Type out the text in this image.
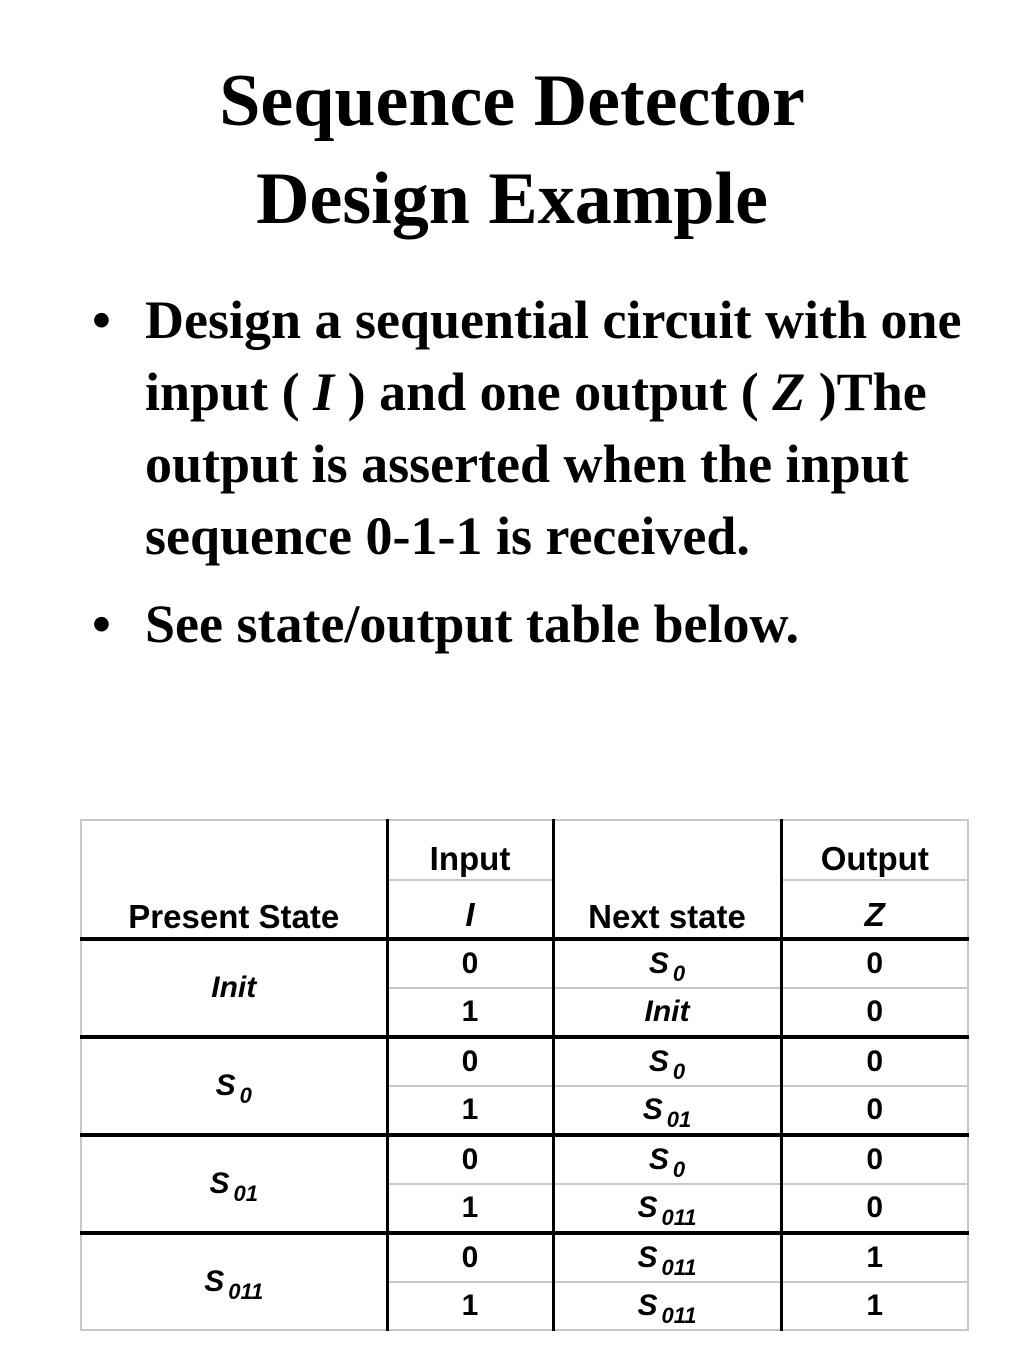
Sequence Detector
Design Example
• Design a sequential circuit with one input ( I ) and one output ( Z )The output is asserted when the input sequence 0-1-1 is received.
• See state/output table below.
Present State	Input	Next state	Output
	I		Z
Init	0	S $_0$	0
	1	Init	0
S $_0$	0	S $_0$	0
	1	S $_{01}$	0
S $_{01}$	0	S $_0$	0
	1	S $_{011}$	0
S $_{011}$	0	S $_{011}$	1
	1	S $_{011}$	1
